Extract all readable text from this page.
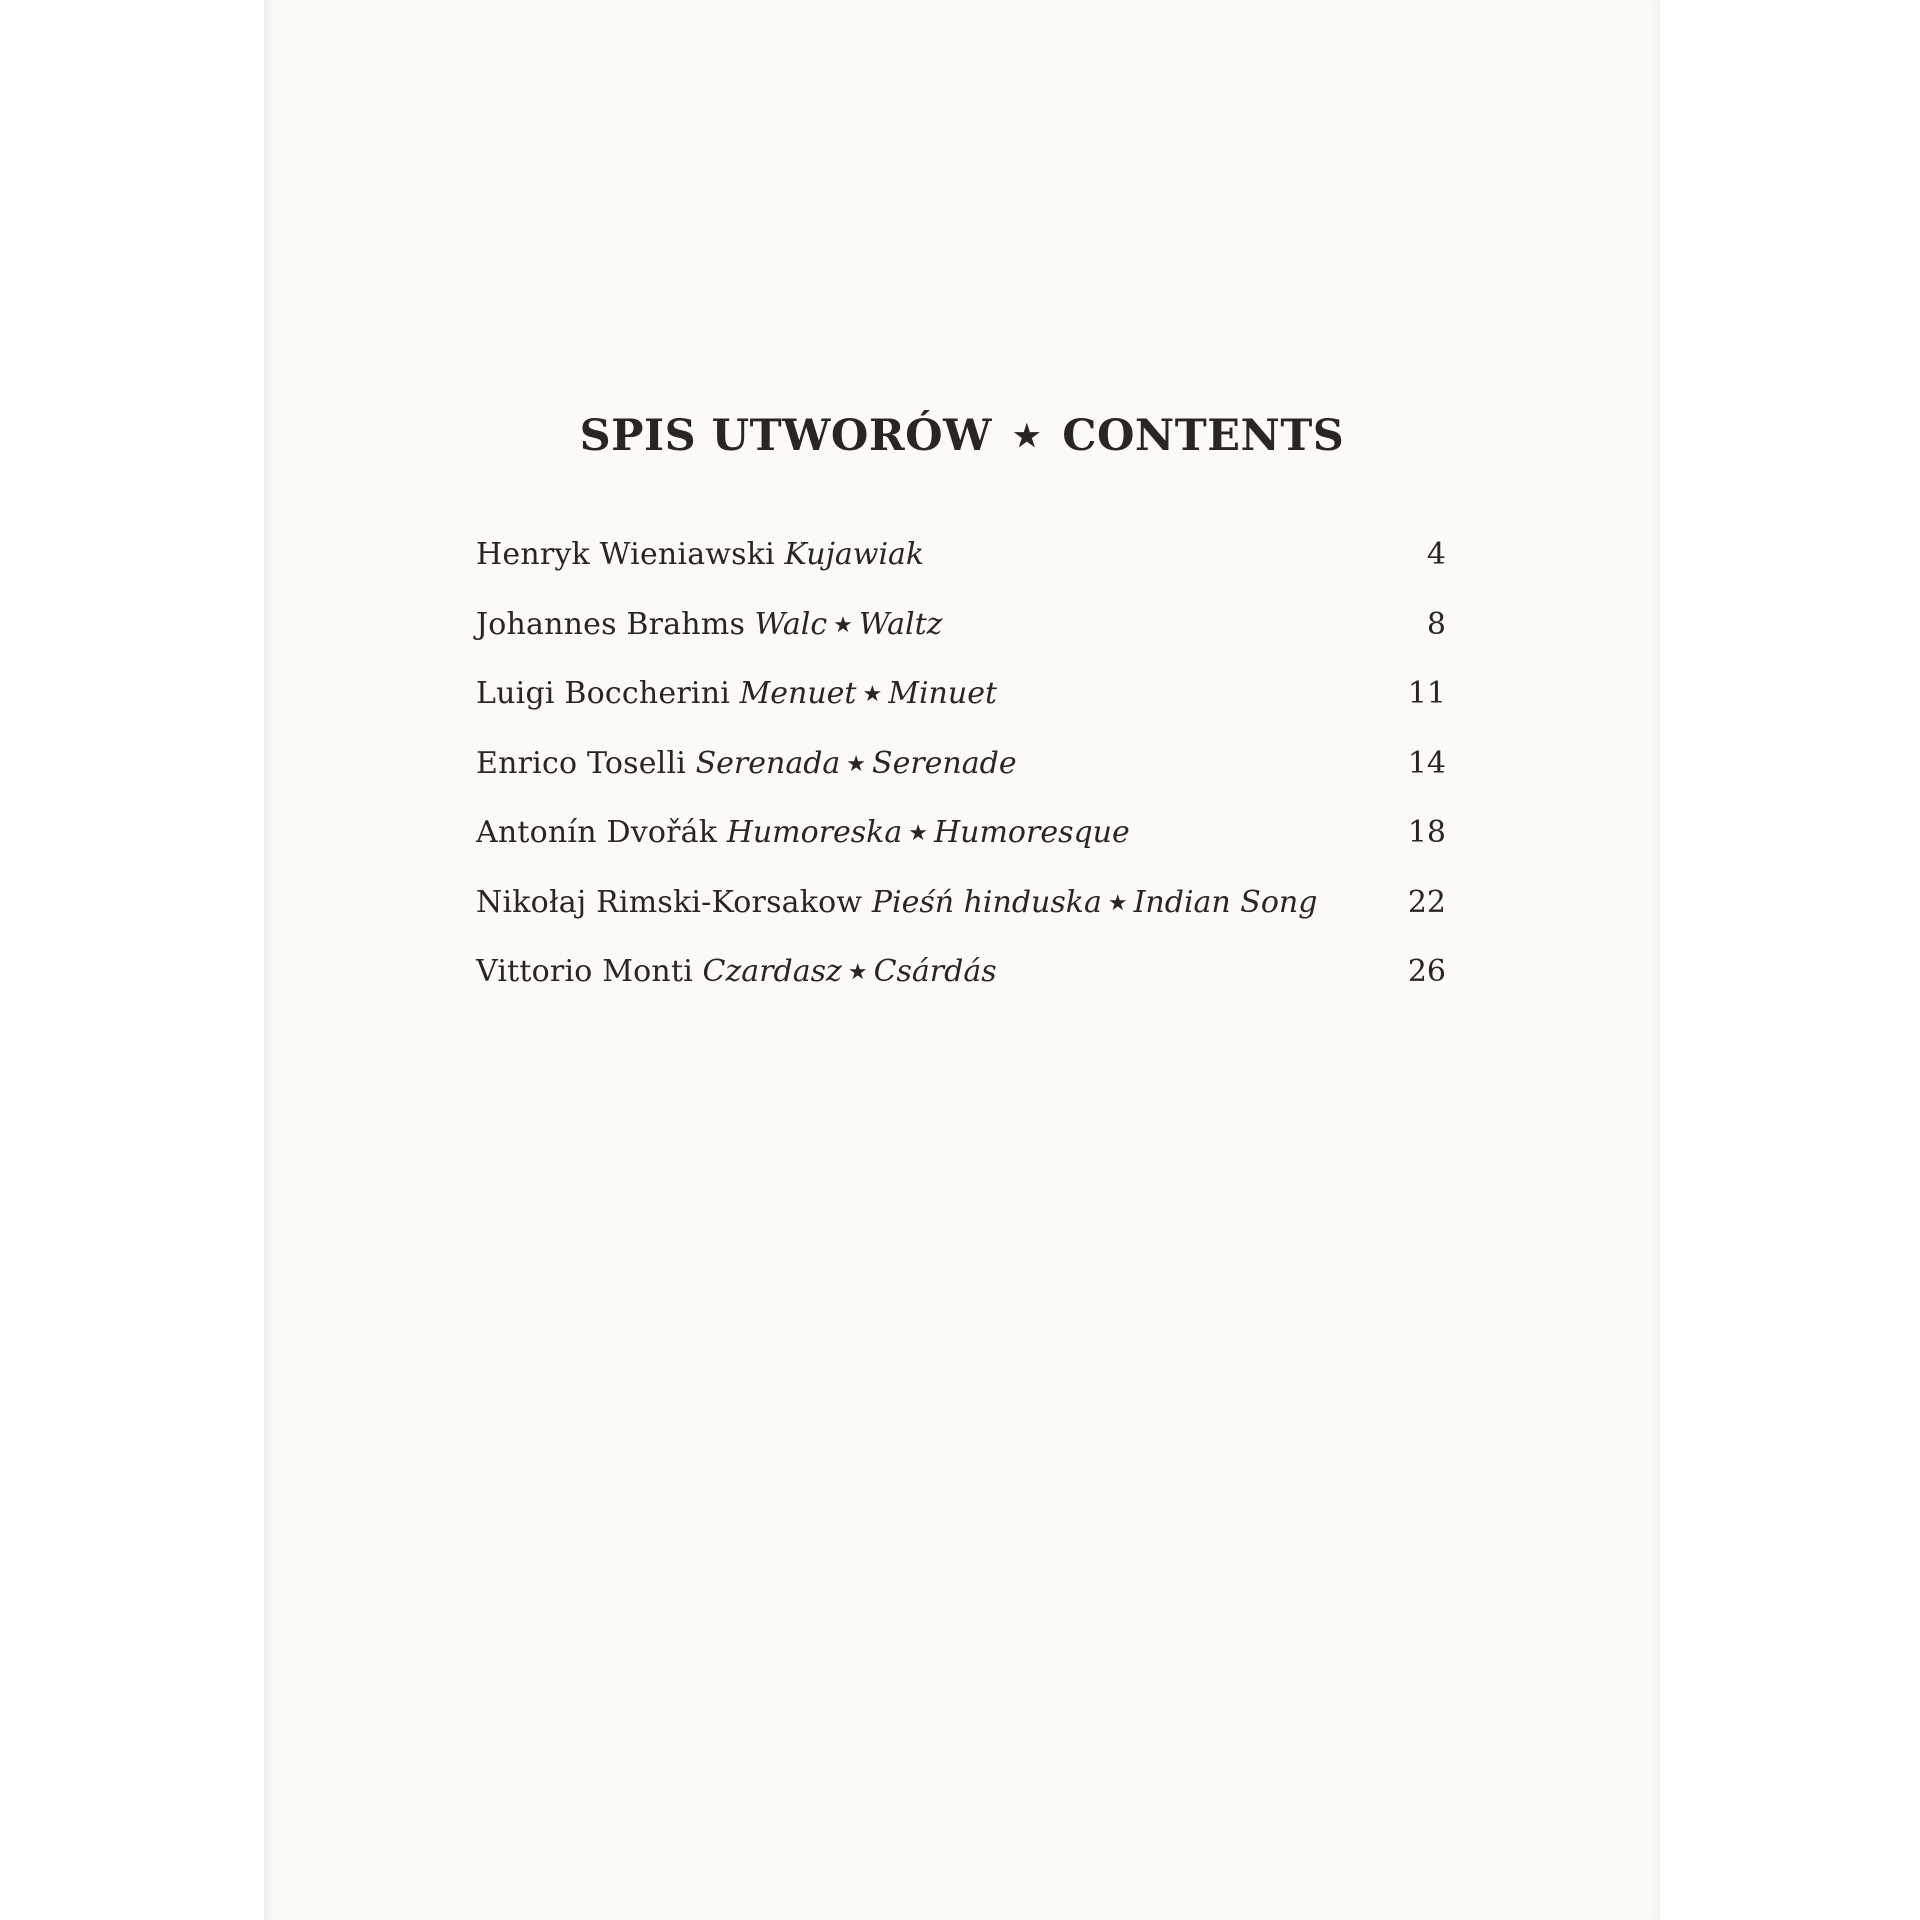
SPIS UTWORÓW ★ CONTENTS
Henryk Wieniawski Kujawiak	4
Johannes Brahms Walc ★ Waltz	8
Luigi Boccherini Menuet ★ Minuet	11
Enrico Toselli Serenada ★ Serenade	14
Antonín Dvořák Humoreska ★ Humoresque	18
Nikołaj Rimski-Korsakow Pieśń hinduska ★ Indian Song	22
Vittorio Monti Czardasz ★ Csárdás	26
